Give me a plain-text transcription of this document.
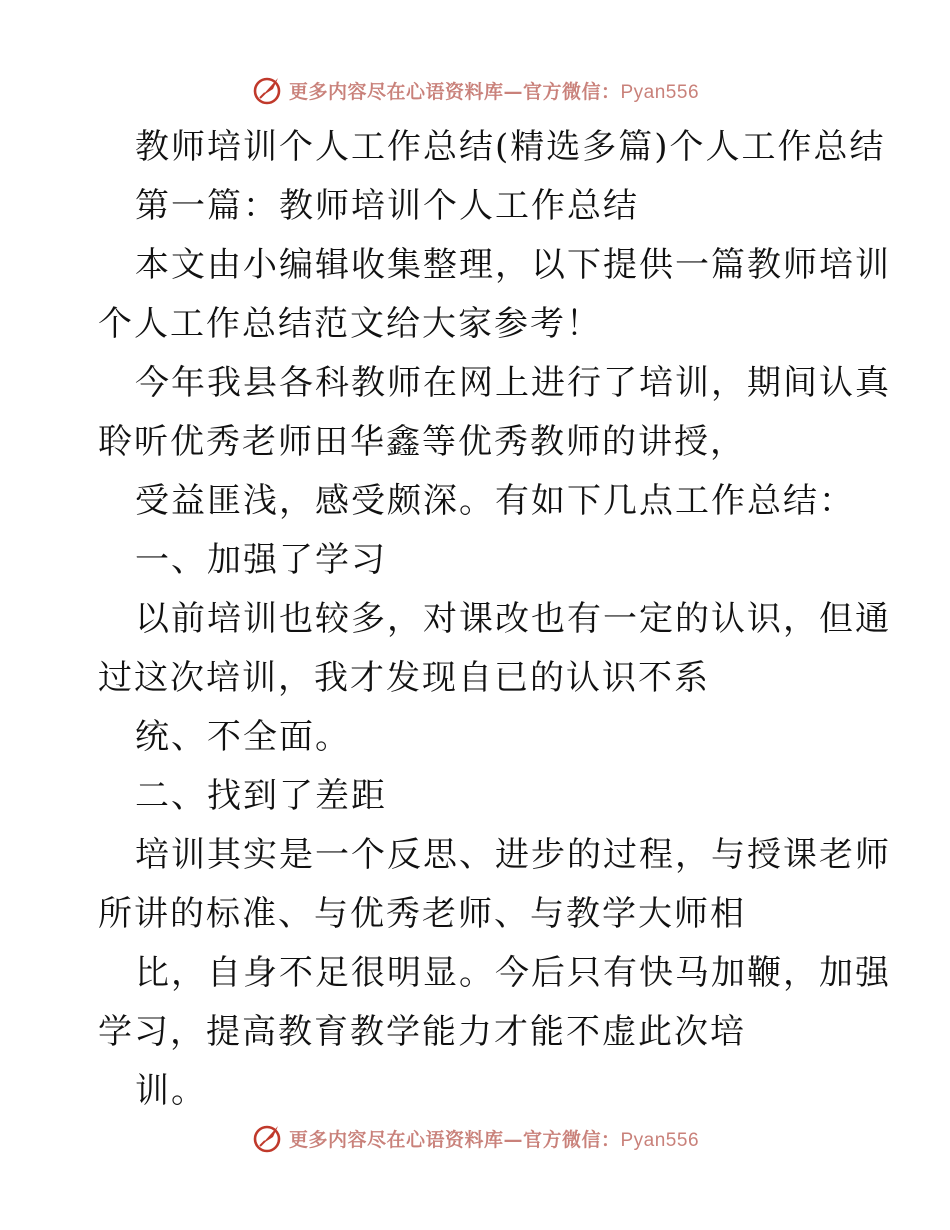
更多内容尽在心语资料库—官方微信：Pyan556
教师培训个人工作总结(精选多篇)个人工作总结
第一篇：教师培训个人工作总结
本文由小编辑收集整理，以下提供一篇教师培训
个人工作总结范文给大家参考！
今年我县各科教师在网上进行了培训，期间认真
聆听优秀老师田华鑫等优秀教师的讲授，
受益匪浅，感受颇深。有如下几点工作总结：
一、加强了学习
以前培训也较多，对课改也有一定的认识，但通
过这次培训，我才发现自已的认识不系
统、不全面。
二、找到了差距
培训其实是一个反思、进步的过程，与授课老师
所讲的标准、与优秀老师、与教学大师相
比，自身不足很明显。今后只有快马加鞭，加强
学习，提高教育教学能力才能不虚此次培
训。
更多内容尽在心语资料库—官方微信：Pyan556
